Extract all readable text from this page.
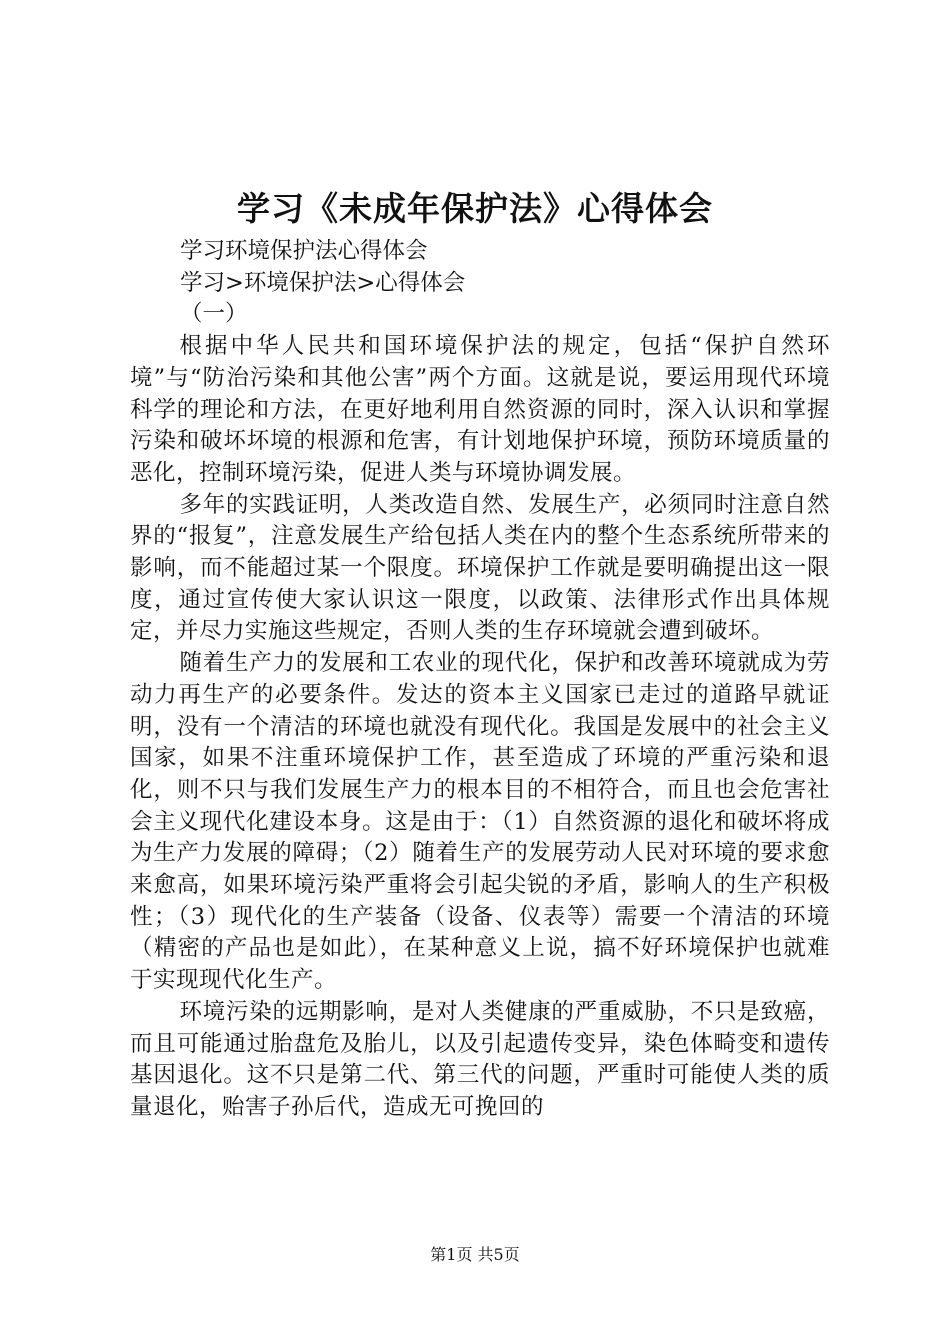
学习《未成年保护法》心得体会

学习环境保护法心得体会

学习>环境保护法>心得体会

（一）

根据中华人民共和国环境保护法的规定，包括“保护自然环境”与“防治污染和其他公害”两个方面。这就是说，要运用现代环境科学的理论和方法，在更好地利用自然资源的同时，深入认识和掌握污染和破坏坏境的根源和危害，有计划地保护环境，预防环境质量的恶化，控制环境污染，促进人类与环境协调发展。

多年的实践证明，人类改造自然、发展生产，必须同时注意自然界的“报复”，注意发展生产给包括人类在内的整个生态系统所带来的影响，而不能超过某一个限度。环境保护工作就是要明确提出这一限度，通过宣传使大家认识这一限度，以政策、法律形式作出具体规定，并尽力实施这些规定，否则人类的生存环境就会遭到破坏。

随着生产力的发展和工农业的现代化，保护和改善环境就成为劳动力再生产的必要条件。发达的资本主义国家已走过的道路早就证明，没有一个清洁的环境也就没有现代化。我国是发展中的社会主义国家，如果不注重环境保护工作，甚至造成了环境的严重污染和退化，则不只与我们发展生产力的根本目的不相符合，而且也会危害社会主义现代化建设本身。这是由于：（1）自然资源的退化和破坏将成为生产力发展的障碍；（2）随着生产的发展劳动人民对环境的要求愈来愈高，如果环境污染严重将会引起尖锐的矛盾，影响人的生产积极性；（3）现代化的生产装备（设备、仪表等）需要一个清洁的环境（精密的产品也是如此），在某种意义上说，搞不好环境保护也就难于实现现代化生产。

环境污染的远期影响，是对人类健康的严重威胁，不只是致癌，而且可能通过胎盘危及胎儿，以及引起遗传变异，染色体畸变和遗传基因退化。这不只是第二代、第三代的问题，严重时可能使人类的质量退化，贻害子孙后代，造成无可挽回的

第1页 共5页
